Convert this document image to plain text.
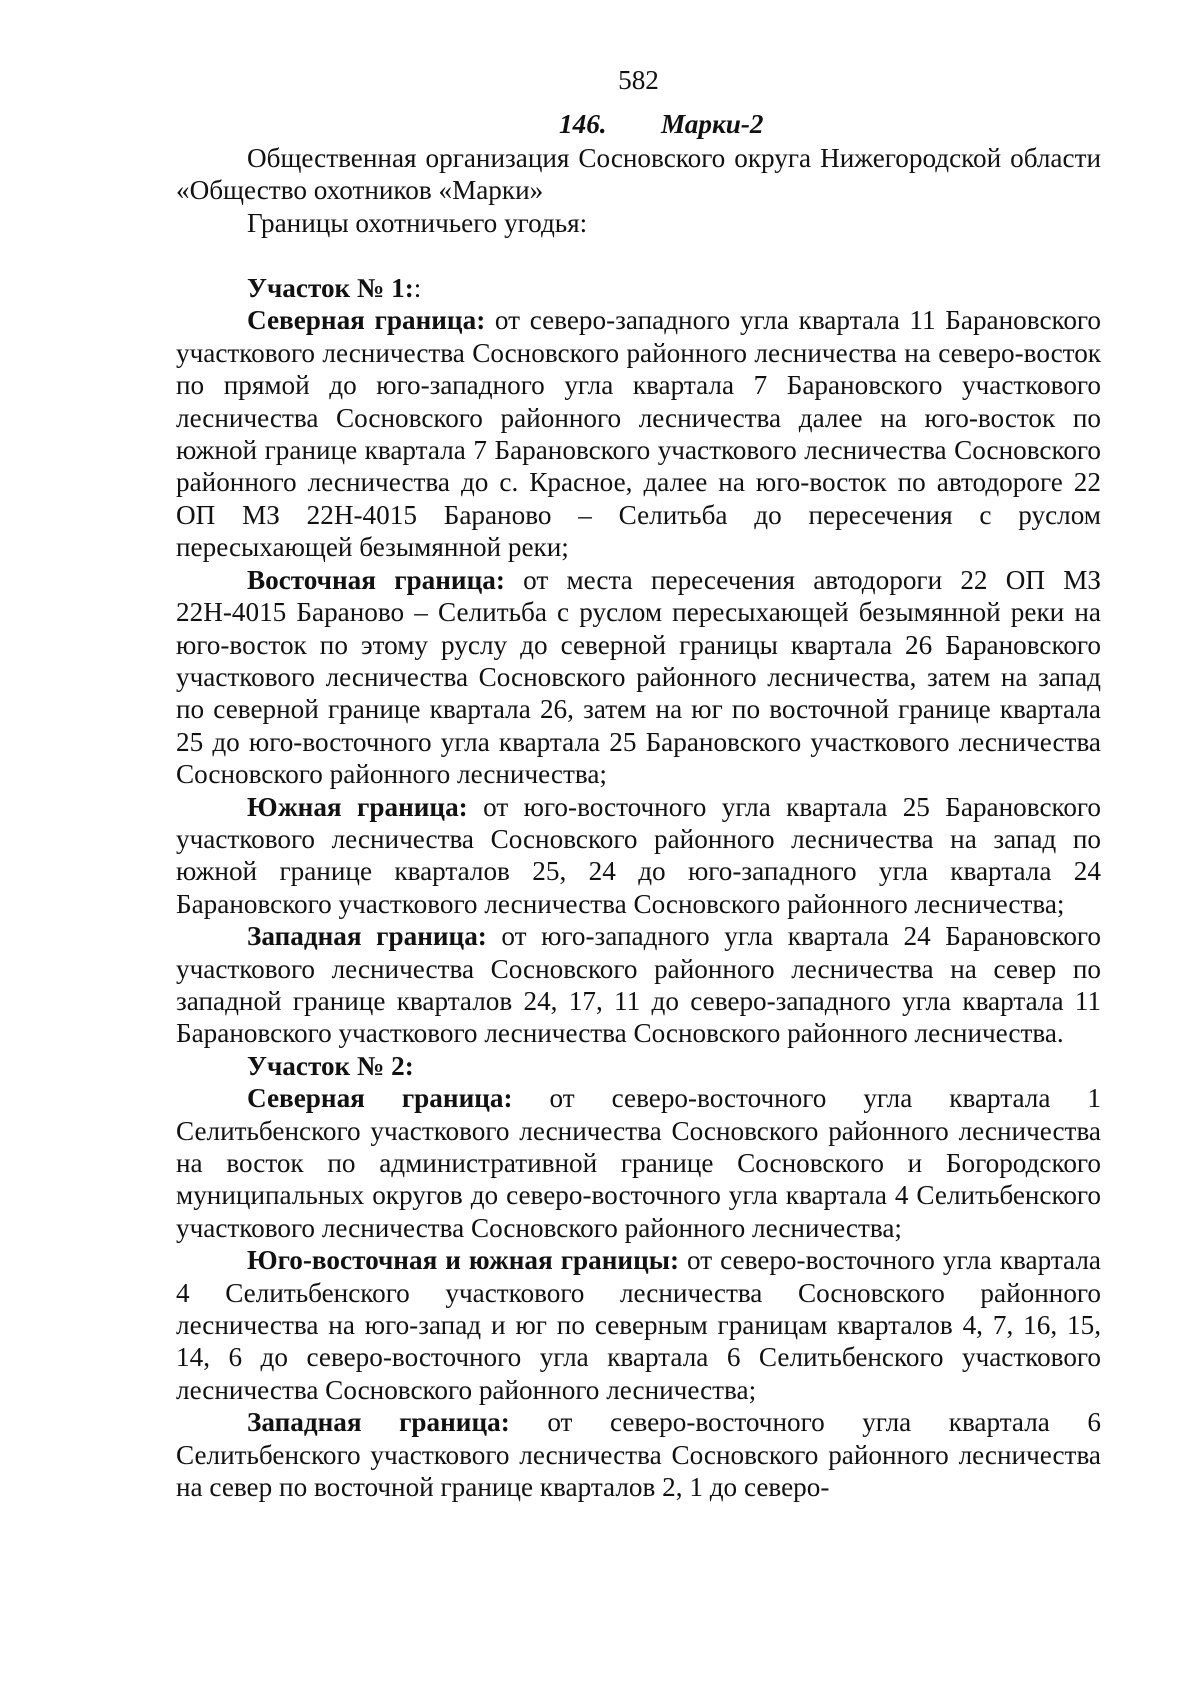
582
146. Марки-2

Общественная организация Сосновского округа Нижегородской области «Общество охотников «Марки»

Границы охотничьего угодья:

Участок № 1::

Северная граница: от северо-западного угла квартала 11 Барановского участкового лесничества Сосновского районного лесничества на северо-восток по прямой до юго-западного угла квартала 7 Барановского участкового лесничества Сосновского районного лесничества далее на юго-восток по южной границе квартала 7 Барановского участкового лесничества Сосновского районного лесничества до с. Красное, далее на юго-восток по автодороге 22 ОП МЗ 22Н-4015 Бараново – Селитьба до пересечения с руслом пересыхающей безымянной реки;

Восточная граница: от места пересечения автодороги 22 ОП МЗ 22Н-4015 Бараново – Селитьба с руслом пересыхающей безымянной реки на юго-восток по этому руслу до северной границы квартала 26 Барановского участкового лесничества Сосновского районного лесничества, затем на запад по северной границе квартала 26, затем на юг по восточной границе квартала 25 до юго-восточного угла квартала 25 Барановского участкового лесничества Сосновского районного лесничества;

Южная граница: от юго-восточного угла квартала 25 Барановского участкового лесничества Сосновского районного лесничества на запад по южной границе кварталов 25, 24 до юго-западного угла квартала 24 Барановского участкового лесничества Сосновского районного лесничества;

Западная граница: от юго-западного угла квартала 24 Барановского участкового лесничества Сосновского районного лесничества на север по западной границе кварталов 24, 17, 11 до северо-западного угла квартала 11 Барановского участкового лесничества Сосновского районного лесничества.

Участок № 2:

Северная граница: от северо-восточного угла квартала 1 Селитьбенского участкового лесничества Сосновского районного лесничества на восток по административной границе Сосновского и Богородского муниципальных округов до северо-восточного угла квартала 4 Селитьбенского участкового лесничества Сосновского районного лесничества;

Юго-восточная и южная границы: от северо-восточного угла квартала 4 Селитьбенского участкового лесничества Сосновского районного лесничества на юго-запад и юг по северным границам кварталов 4, 7, 16, 15, 14, 6 до северо-восточного угла квартала 6 Селитьбенского участкового лесничества Сосновского районного лесничества;

Западная граница: от северо-восточного угла квартала 6 Селитьбенского участкового лесничества Сосновского районного лесничества на север по восточной границе кварталов 2, 1 до северо-
